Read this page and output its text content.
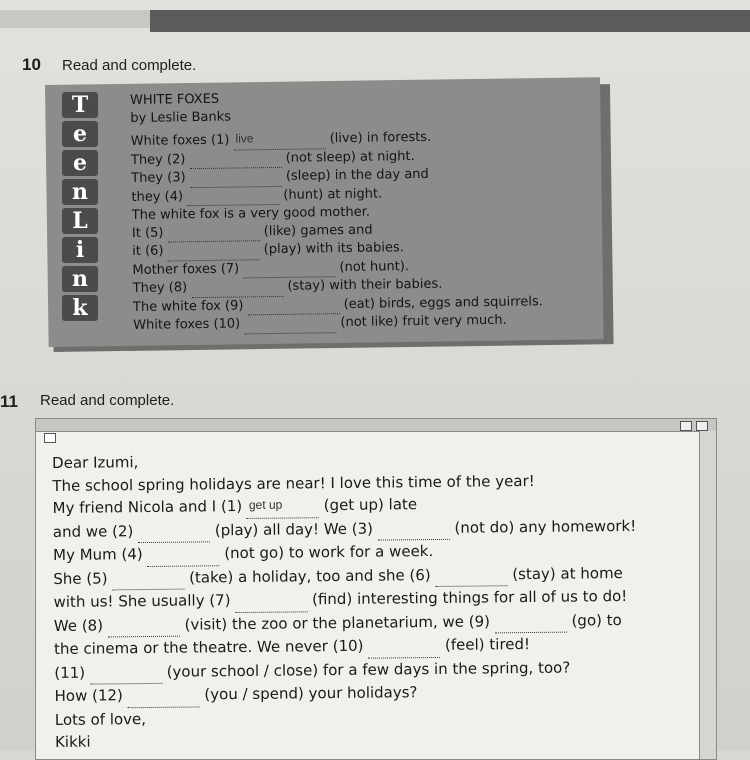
10 Read and complete.
T
e
e
n
L
i
n
k
WHITE FOXES
by Leslie Banks
White foxes (1) live	(live) in forests.
They (2)	(not sleep) at night.
They (3)	(sleep) in the day and
they (4)	(hunt) at night.
The white fox is a very good mother.
It (5)	(like) games and
it (6)	(play) with its babies.
Mother foxes (7)	(not hunt).
They (8)	(stay) with their babies.
The white fox (9)	(eat) birds, eggs and squirrels.
White foxes (10)	(not like) fruit very much.
11 Read and complete.
Dear Izumi,
The school spring holidays are near! I love this time of the year!
My friend Nicola and I (1) get up (get up) late
and we (2)	(play) all day! We (3)	(not do) any homework!
My Mum (4)	(not go) to work for a week.
She (5)	(take) a holiday, too and she (6)	(stay) at home
with us! She usually (7)	(find) interesting things for all of us to do!
We (8)	(visit) the zoo or the planetarium, we (9)	(go) to
the cinema or the theatre. We never (10)	(feel) tired!
(11)	(your school / close) for a few days in the spring, too?
How (12)	(you / spend) your holidays?
Lots of love,
Kikki
